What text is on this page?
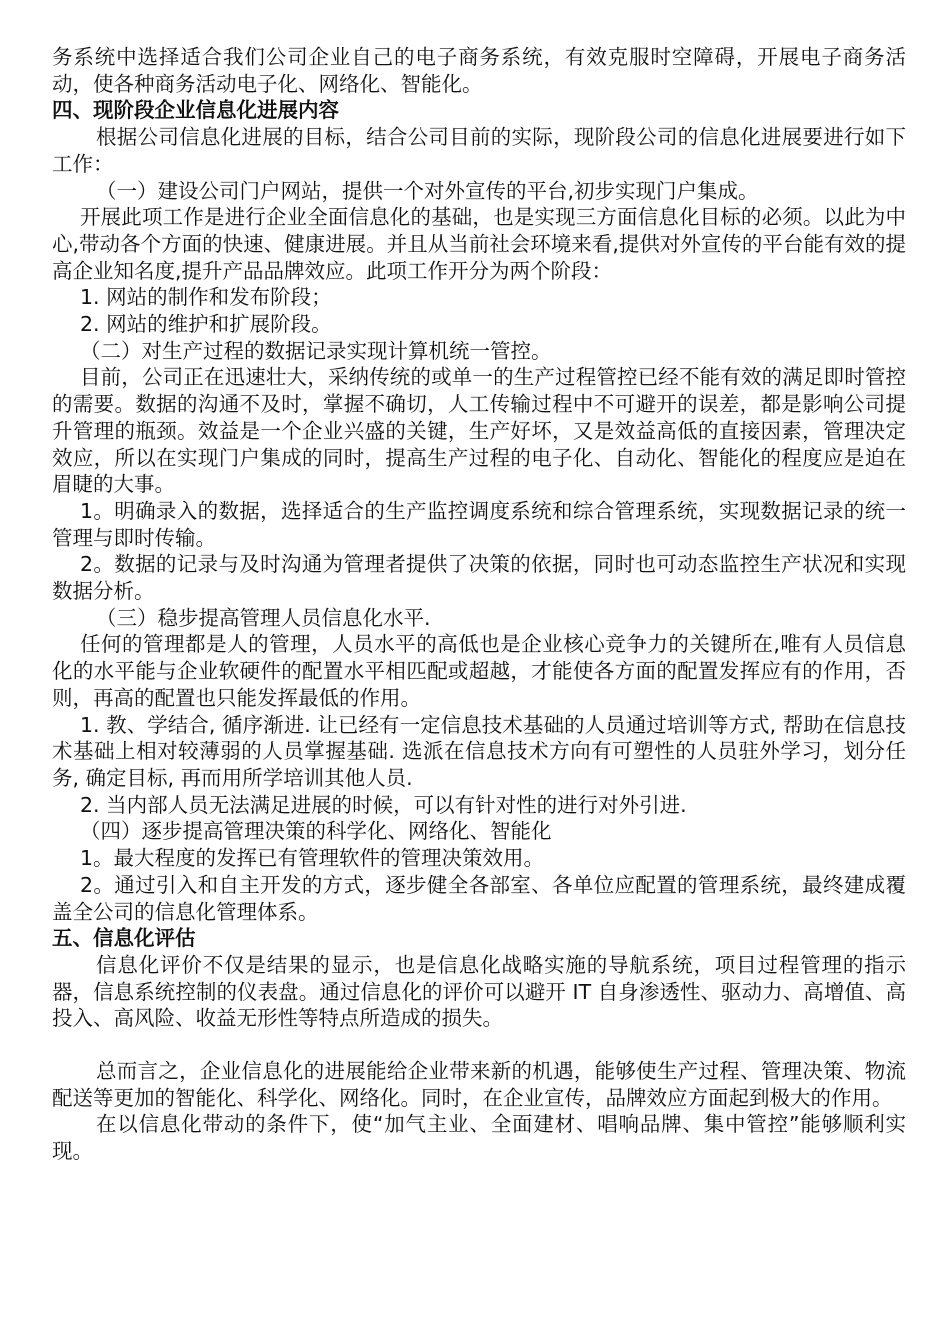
务系统中选择适合我们公司企业自己的电子商务系统，有效克服时空障碍，开展电子商务活动，使各种商务活动电子化、网络化、智能化。

四、现阶段企业信息化进展内容

根据公司信息化进展的目标，结合公司目前的实际，现阶段公司的信息化进展要进行如下工作：

（一）建设公司门户网站，提供一个对外宣传的平台,初步实现门户集成。

开展此项工作是进行企业全面信息化的基础，也是实现三方面信息化目标的必须。以此为中心,带动各个方面的快速、健康进展。并且从当前社会环境来看,提供对外宣传的平台能有效的提高企业知名度,提升产品品牌效应。此项工作开分为两个阶段：

1. 网站的制作和发布阶段；

2. 网站的维护和扩展阶段。

（二）对生产过程的数据记录实现计算机统一管控。

目前，公司正在迅速壮大，采纳传统的或单一的生产过程管控已经不能有效的满足即时管控的需要。数据的沟通不及时，掌握不确切，人工传输过程中不可避开的误差，都是影响公司提升管理的瓶颈。效益是一个企业兴盛的关键，生产好坏，又是效益高低的直接因素，管理决定效应，所以在实现门户集成的同时，提高生产过程的电子化、自动化、智能化的程度应是迫在眉睫的大事。

1。明确录入的数据，选择适合的生产监控调度系统和综合管理系统，实现数据记录的统一管理与即时传输。

2。数据的记录与及时沟通为管理者提供了决策的依据，同时也可动态监控生产状况和实现数据分析。

（三）稳步提高管理人员信息化水平.

任何的管理都是人的管理，人员水平的高低也是企业核心竞争力的关键所在,唯有人员信息化的水平能与企业软硬件的配置水平相匹配或超越，才能使各方面的配置发挥应有的作用，否则，再高的配置也只能发挥最低的作用。

1. 教、学结合, 循序渐进. 让已经有一定信息技术基础的人员通过培训等方式, 帮助在信息技术基础上相对较薄弱的人员掌握基础. 选派在信息技术方向有可塑性的人员驻外学习，划分任务, 确定目标, 再而用所学培训其他人员.

2. 当内部人员无法满足进展的时候，可以有针对性的进行对外引进.

（四）逐步提高管理决策的科学化、网络化、智能化

1。最大程度的发挥已有管理软件的管理决策效用。

2。通过引入和自主开发的方式，逐步健全各部室、各单位应配置的管理系统，最终建成覆盖全公司的信息化管理体系。

五、信息化评估

信息化评价不仅是结果的显示，也是信息化战略实施的导航系统，项目过程管理的指示器，信息系统控制的仪表盘。通过信息化的评价可以避开 IT 自身渗透性、驱动力、高增值、高投入、高风险、收益无形性等特点所造成的损失。

总而言之，企业信息化的进展能给企业带来新的机遇，能够使生产过程、管理决策、物流配送等更加的智能化、科学化、网络化。同时，在企业宣传，品牌效应方面起到极大的作用。

在以信息化带动的条件下，使“加气主业、全面建材、唱响品牌、集中管控”能够顺利实现。
